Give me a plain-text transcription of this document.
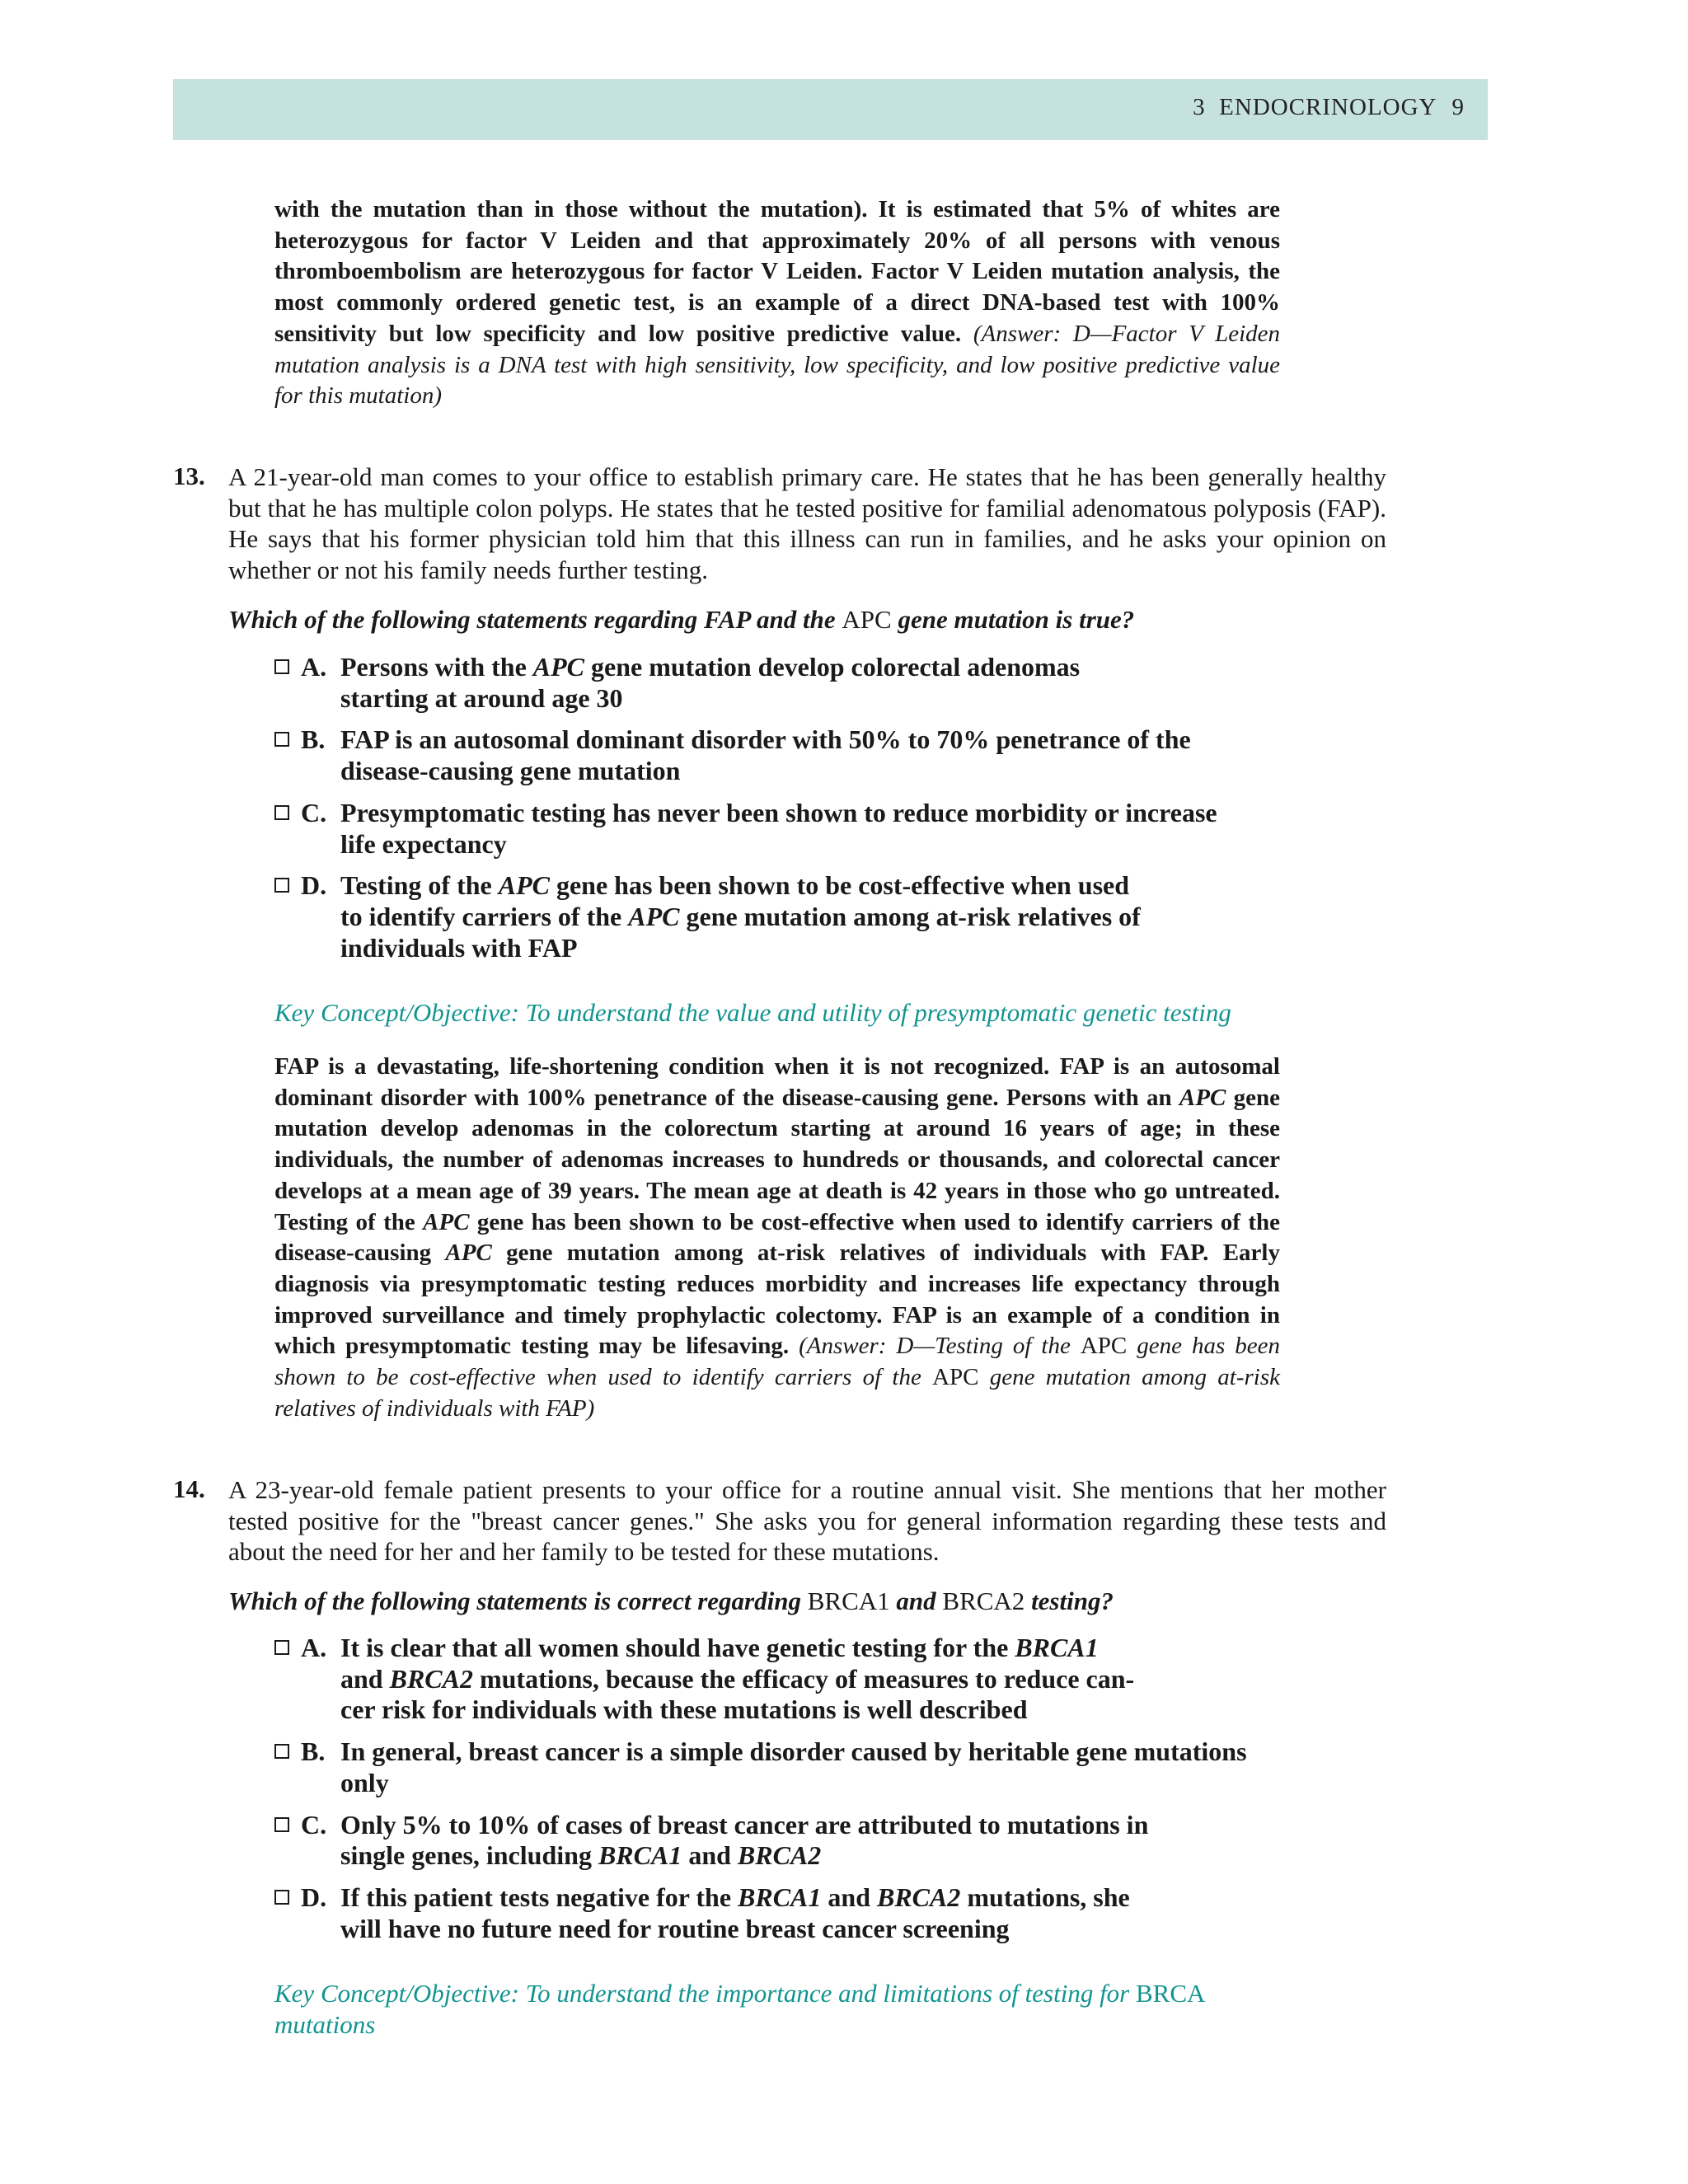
3  ENDOCRINOLOGY 9

with the mutation than in those without the mutation). It is estimated that 5% of whites are heterozygous for factor V Leiden and that approximately 20% of all persons with venous thromboembolism are heterozygous for factor V Leiden. Factor V Leiden mutation analysis, the most commonly ordered genetic test, is an example of a direct DNA-based test with 100% sensitivity but low specificity and low positive predictive value. (Answer: D—Factor V Leiden mutation analysis is a DNA test with high sensitivity, low specificity, and low positive predictive value for this mutation)

13. A 21-year-old man comes to your office to establish primary care. He states that he has been generally healthy but that he has multiple colon polyps. He states that he tested positive for familial adenomatous polyposis (FAP). He says that his former physician told him that this illness can run in families, and he asks your opinion on whether or not his family needs further testing.

Which of the following statements regarding FAP and the APC gene mutation is true?

A. Persons with the APC gene mutation develop colorectal adenomas
starting at around age 30
B. FAP is an autosomal dominant disorder with 50% to 70% penetrance of the disease-causing gene mutation
C. Presymptomatic testing has never been shown to reduce morbidity or increase life expectancy
D. Testing of the APC gene has been shown to be cost-effective when used
to identify carriers of the APC gene mutation among at-risk relatives of
individuals with FAP

Key Concept/Objective: To understand the value and utility of presymptomatic genetic testing

FAP is a devastating, life-shortening condition when it is not recognized. FAP is an autosomal dominant disorder with 100% penetrance of the disease-causing gene. Persons with an APC gene mutation develop adenomas in the colorectum starting at around 16 years of age; in these individuals, the number of adenomas increases to hundreds or thousands, and colorectal cancer develops at a mean age of 39 years. The mean age at death is 42 years in those who go untreated. Testing of the APC gene has been shown to be cost-effective when used to identify carriers of the disease-causing APC gene mutation among at-risk relatives of individuals with FAP. Early diagnosis via presymptomatic testing reduces morbidity and increases life expectancy through improved surveillance and timely prophylactic colectomy. FAP is an example of a condition in which presymptomatic testing may be lifesaving. (Answer: D—Testing of the APC gene has been shown to be cost-effective when used to identify carriers of the APC gene mutation among at-risk relatives of individuals with FAP)

14. A 23-year-old female patient presents to your office for a routine annual visit. She mentions that her mother tested positive for the "breast cancer genes." She asks you for general information regarding these tests and about the need for her and her family to be tested for these mutations.

Which of the following statements is correct regarding BRCA1 and BRCA2 testing?

A. It is clear that all women should have genetic testing for the BRCA1
and BRCA2 mutations, because the efficacy of measures to reduce can-
cer risk for individuals with these mutations is well described
B. In general, breast cancer is a simple disorder caused by heritable gene mutations only
C. Only 5% to 10% of cases of breast cancer are attributed to mutations in
single genes, including BRCA1 and BRCA2
D. If this patient tests negative for the BRCA1 and BRCA2 mutations, she
will have no future need for routine breast cancer screening

Key Concept/Objective: To understand the importance and limitations of testing for BRCA
mutations
